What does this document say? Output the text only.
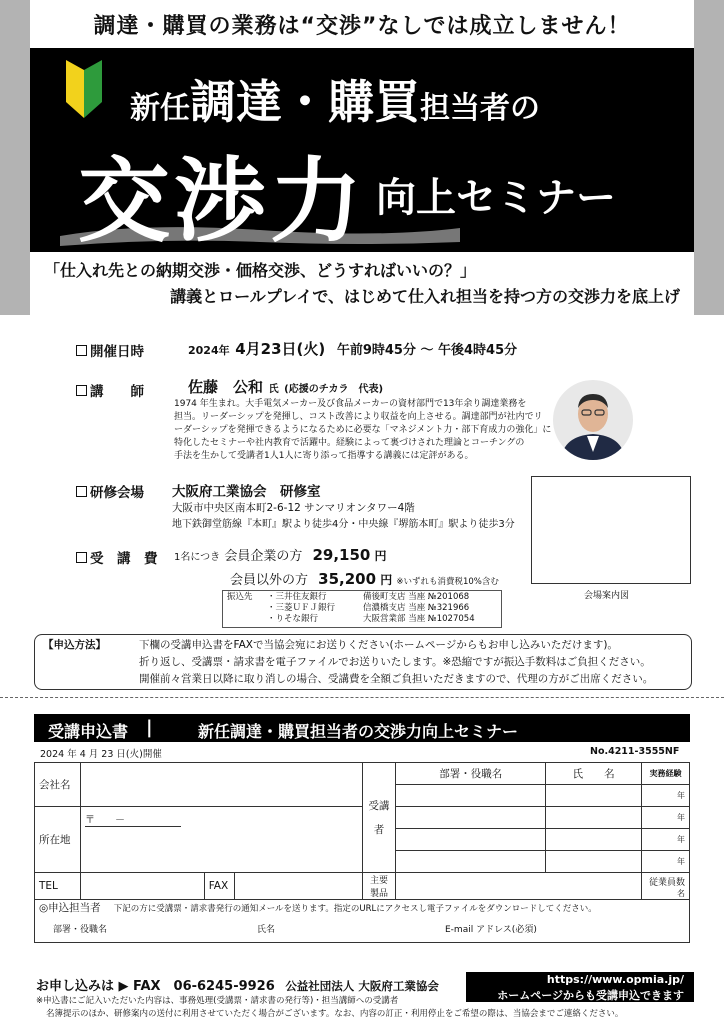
調達・購買の業務は“交渉”なしでは成立しません！
新任調達・購買担当者の
交渉力 向上セミナー
「仕入れ先との納期交渉・価格交渉、どうすればいいの？」
講義とロールプレイで、はじめて仕入れ担当を持つ方の交渉力を底上げ
開催日時	2024年 4月23日(火) 午前9時45分 ～ 午後4時45分
講　　師	佐藤　公和 氏 (応援のチカラ　代表)
1974 年生まれ。大手電気メーカー及び食品メーカーの資材部門で13年余り調達業務を
担当。リーダーシップを発揮し、コスト改善により収益を向上させる。調達部門が社内でリ
ーダーシップを発揮できるようになるために必要な「マネジメント力・部下育成力の強化」に
特化したセミナーや社内教育で活躍中。経験によって裏づけされた理論とコーチングの
手法を生かして受講者1人1人に寄り添って指導する講義には定評がある。
研修会場 大阪府工業協会　研修室
大阪市中央区南本町2-6-12 サンマリオンタワー4階
地下鉄御堂筋線『本町』駅より徒歩4分・中央線『堺筋本町』駅より徒歩3分
会場案内図
受　講　費 1名につき 会員企業の方 29,150 円
会員以外の方 35,200 円 ※いずれも消費税10%含む
振込先 ・三井住友銀行	備後町支店 当座 №201068
・三菱ＵＦＪ銀行	信濃橋支店 当座 №321966
・りそな銀行	大阪営業部 当座 №1027054
【申込方法】	下欄の受講申込書をFAXで当協会宛にお送りください(ホームページからもお申し込みいただけます)。
折り返し、受講票・請求書を電子ファイルでお送りいたします。※恐縮ですが振込手数料はご負担ください。
開催前々営業日以降に取り消しの場合、受講費を全額ご負担いただきますので、代理の方がご出席ください。
受講申込書 |	新任調達・購買担当者の交渉力向上セミナー
2024 年 4 月 23 日(火)開催	No.4211-3555NF
会社名				受講者	部署・役職名	氏　　名	実務経験
							年
所在地	〒　　－						年
							年
							年
TEL		FAX		主要製品			従業員数 名
◎申込担当者 下記の方に受講票・請求書発行の通知メールを送ります。指定のURLにアクセスし電子ファイルをダウンロードしてください。
部署・役職名 氏名 E-mail アドレス(必須)							
お申し込みは ▶ FAX　06-6245-9926 公益社団法人 大阪府工業協会	https://www.opmia.jp/
ホームページからも受講申込できます
※申込書にご記入いただいた内容は、事務処理(受講票・請求書の発行等)・担当講師への受講者
名簿提示のほか、研修案内の送付に利用させていただく場合がございます。なお、内容の訂正・利用停止をご希望の際は、当協会までご連絡ください。
